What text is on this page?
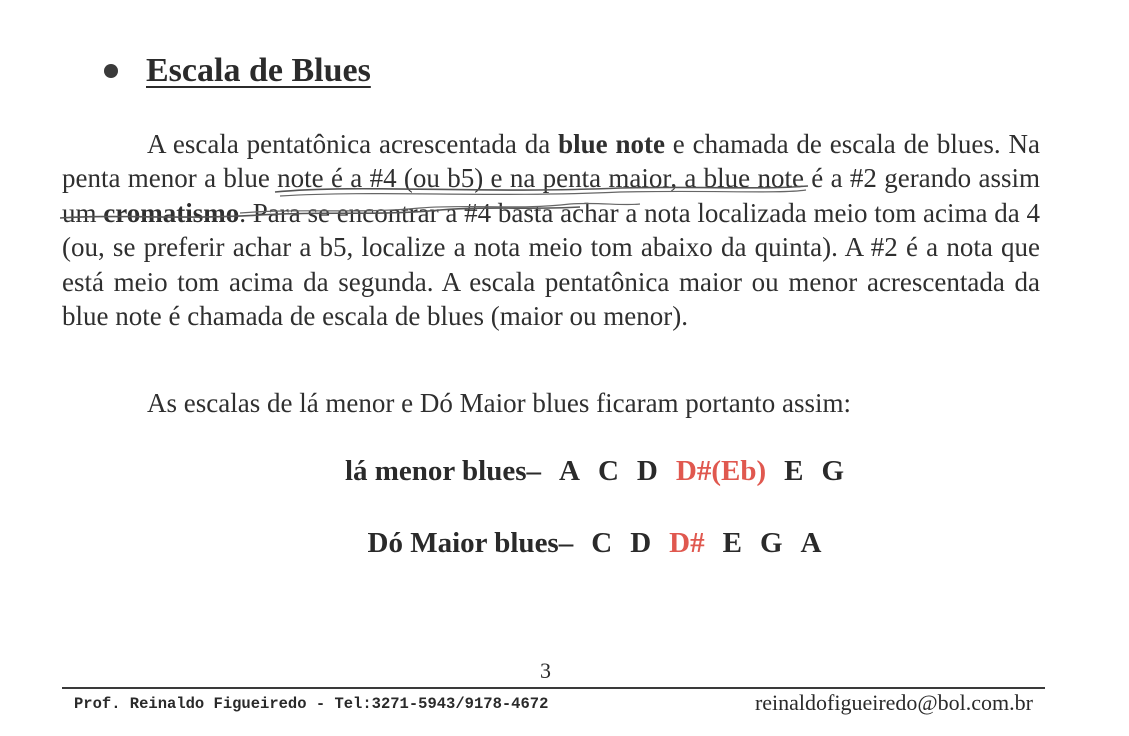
Escala de Blues

A escala pentatônica acrescentada da blue note e chamada de escala de blues. Na penta menor a blue note é a #4 (ou b5) e na penta maior, a blue note é a #2 gerando assim um cromatismo. Para se encontrar a #4 basta achar a nota localizada meio tom acima da 4 (ou, se preferir achar a b5, localize a nota meio tom abaixo da quinta). A #2 é a nota que está meio tom acima da segunda. A escala pentatônica maior ou menor acrescentada da blue note é chamada de escala de blues (maior ou menor).

As escalas de lá menor e Dó Maior blues ficaram portanto assim:

lá menor blues– A C D D#(Eb) E G
Dó Maior blues– C D D# E G A
3
Prof. Reinaldo Figueiredo - Tel:3271-5943/9178-4672	reinaldofigueiredo@bol.com.br
